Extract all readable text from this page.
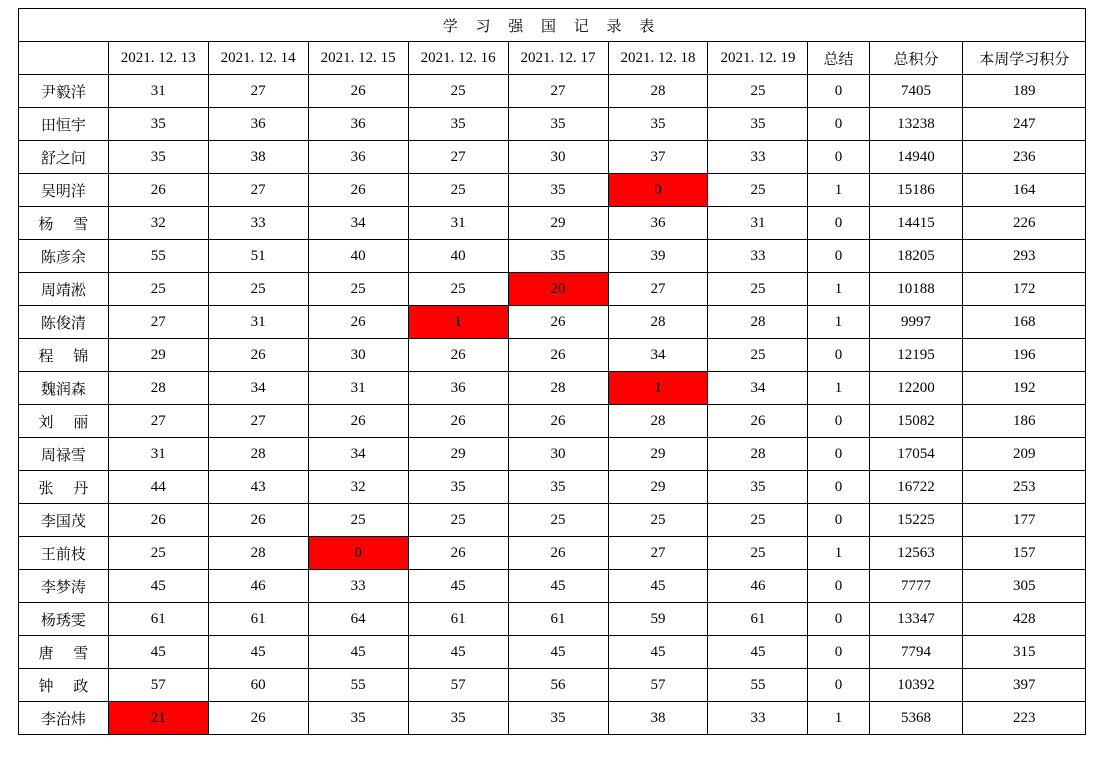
学 习 强 国 记 录 表										
	2021. 12. 13	2021. 12. 14	2021. 12. 15	2021. 12. 16	2021. 12. 17	2021. 12. 18	2021. 12. 19	总结	总积分	本周学习积分
尹毅洋	31	27	26	25	27	28	25	0	7405	189
田恒宇	35	36	36	35	35	35	35	0	13238	247
舒之问	35	38	36	27	30	37	33	0	14940	236
吴明洋	26	27	26	25	35	0	25	1	15186	164
杨 雪	32	33	34	31	29	36	31	0	14415	226
陈彦余	55	51	40	40	35	39	33	0	18205	293
周靖淞	25	25	25	25	20	27	25	1	10188	172
陈俊清	27	31	26	1	26	28	28	1	9997	168
程 锦	29	26	30	26	26	34	25	0	12195	196
魏润森	28	34	31	36	28	1	34	1	12200	192
刘 丽	27	27	26	26	26	28	26	0	15082	186
周禄雪	31	28	34	29	30	29	28	0	17054	209
张 丹	44	43	32	35	35	29	35	0	16722	253
李国茂	26	26	25	25	25	25	25	0	15225	177
王前枝	25	28	0	26	26	27	25	1	12563	157
李梦涛	45	46	33	45	45	45	46	0	7777	305
杨琇雯	61	61	64	61	61	59	61	0	13347	428
唐 雪	45	45	45	45	45	45	45	0	7794	315
钟 政	57	60	55	57	56	57	55	0	10392	397
李治炜	21	26	35	35	35	38	33	1	5368	223
